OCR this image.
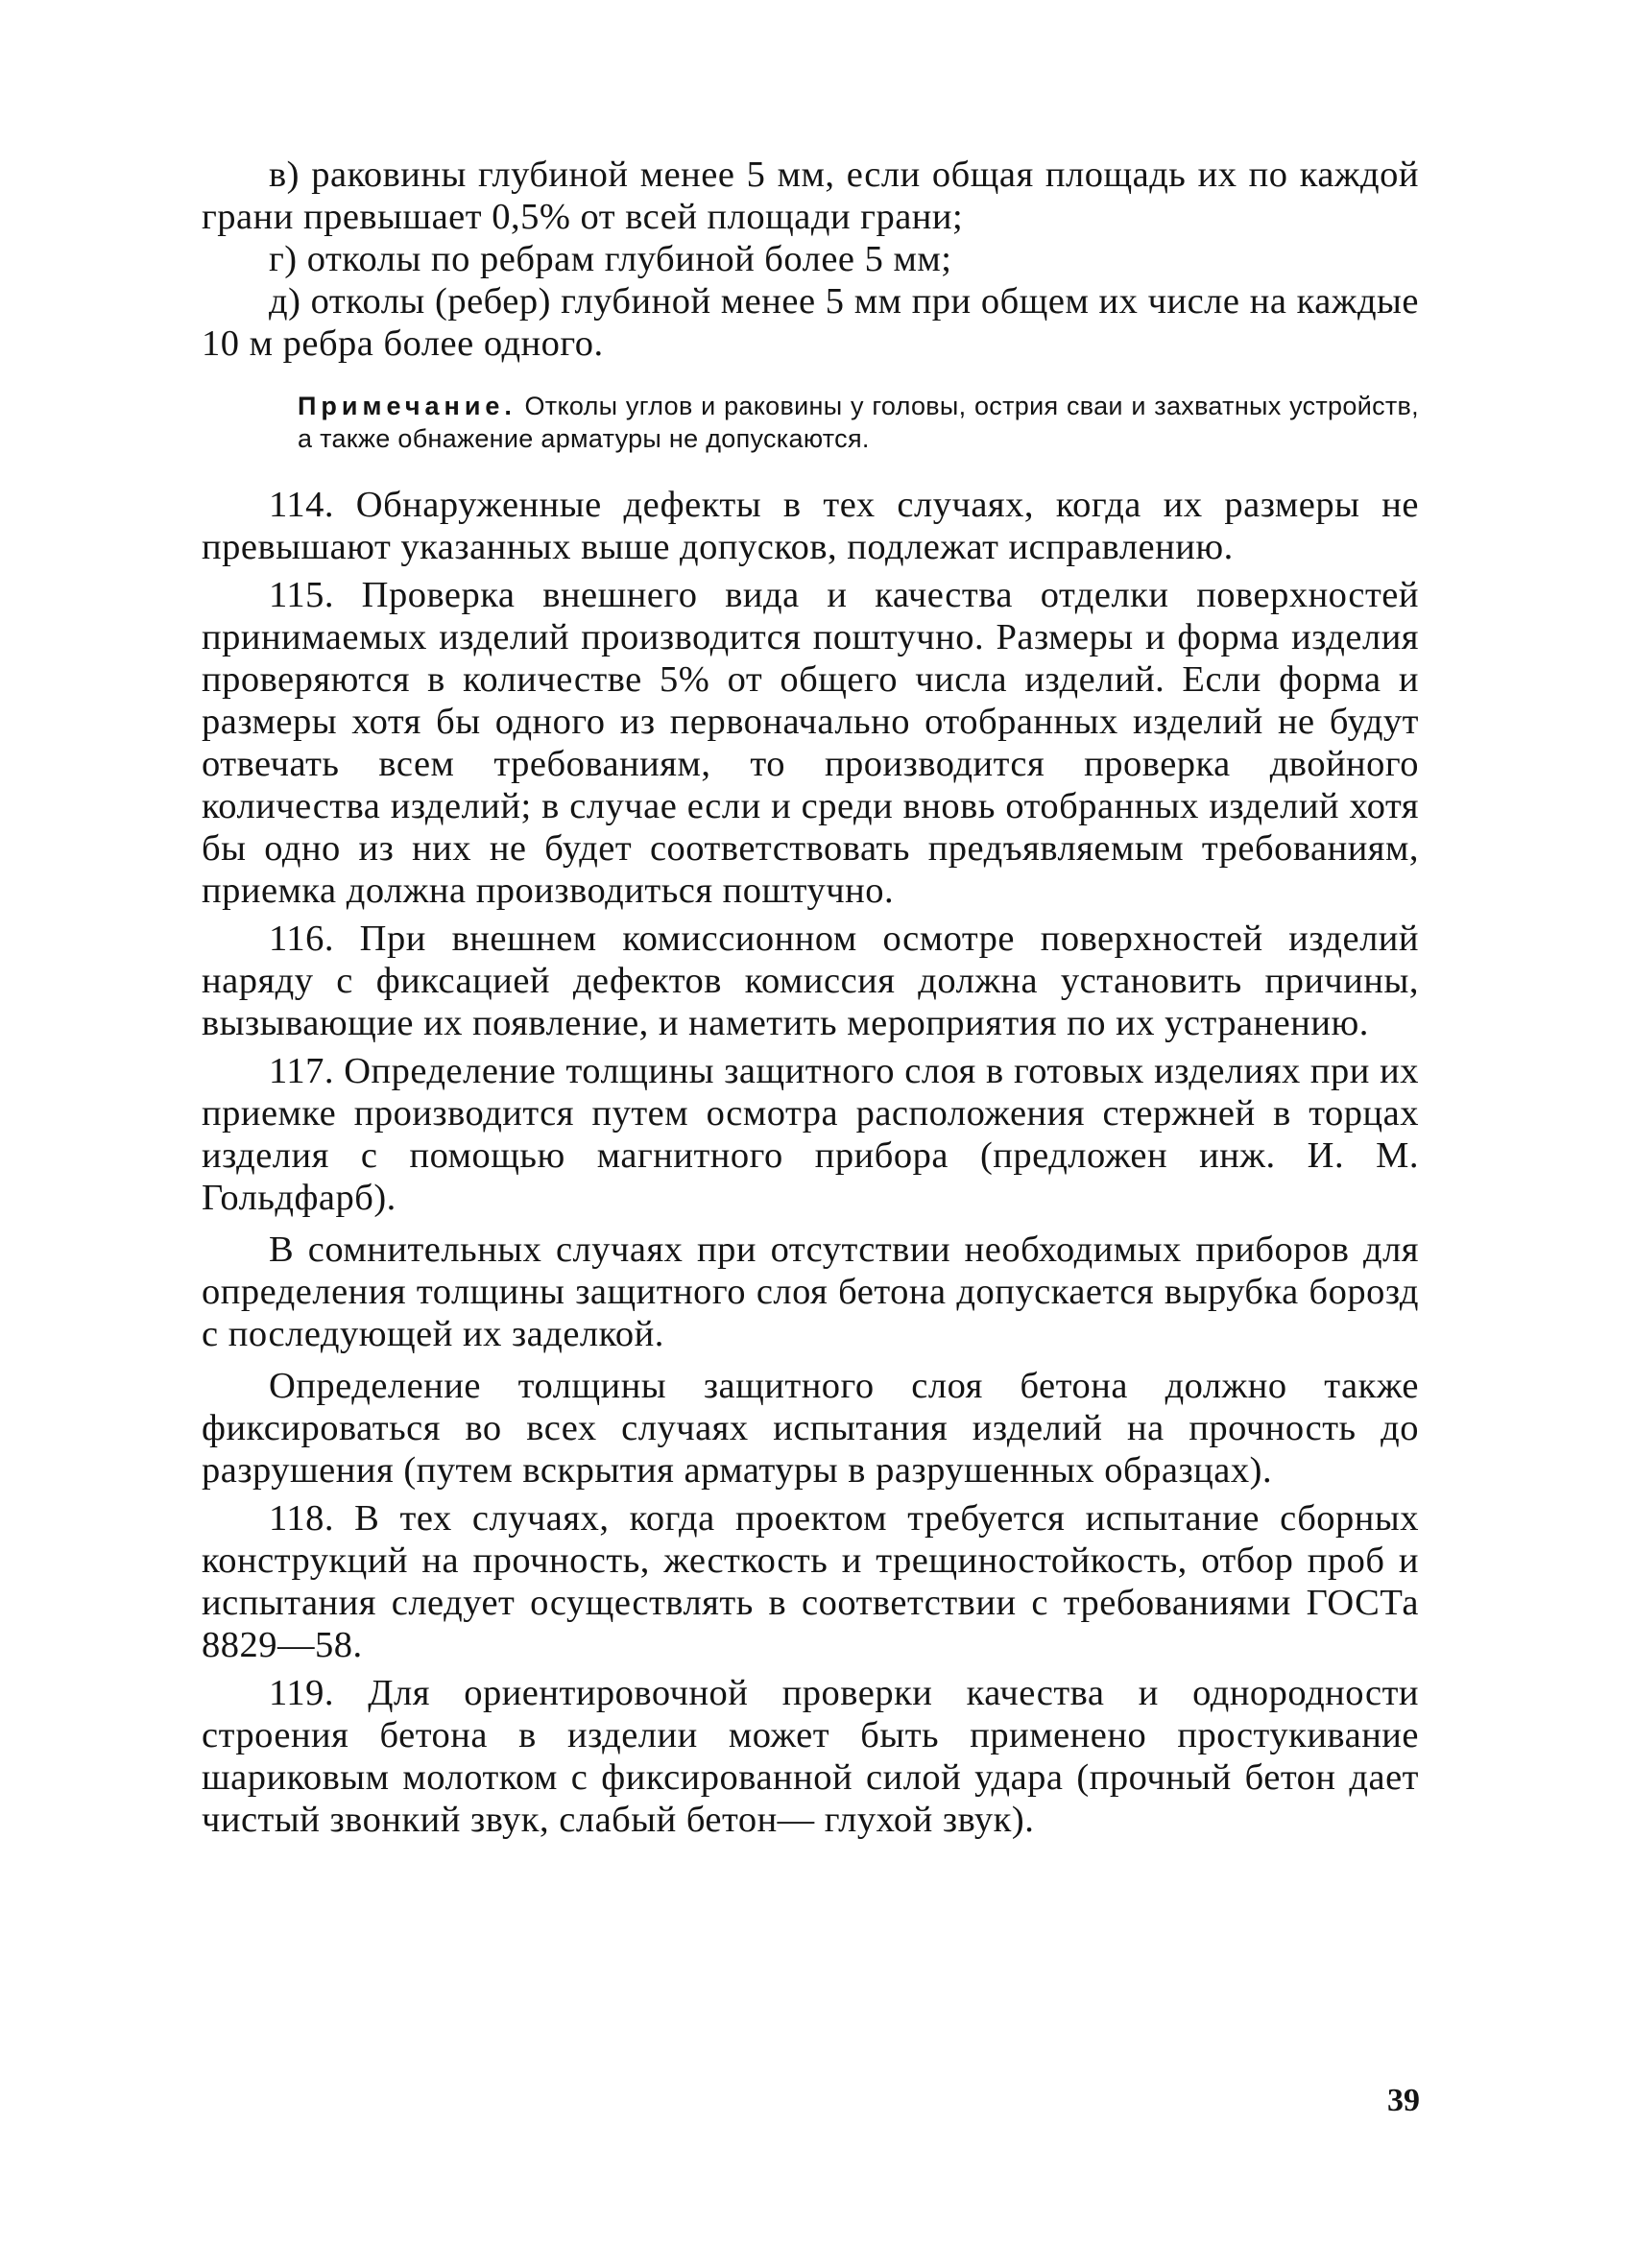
в) раковины глубиной менее 5 мм, если общая площадь их по каждой грани превышает 0,5% от всей площади грани;

г) отколы по ребрам глубиной более 5 мм;

д) отколы (ребер) глубиной менее 5 мм при общем их числе на каждые 10 м ребра более одного.

Примечание. Отколы углов и раковины у головы, острия сваи и захватных устройств, а также обнажение арматуры не допускаются.

114. Обнаруженные дефекты в тех случаях, когда их размеры не превышают указанных выше допусков, подлежат исправлению.

115. Проверка внешнего вида и качества отделки поверхностей принимаемых изделий производится поштучно. Размеры и форма изделия проверяются в количестве 5% от общего числа изделий. Если форма и размеры хотя бы одного из первоначально отобранных изделий не будут отвечать всем требованиям, то производится проверка двойного количества изделий; в случае если и среди вновь отобранных изделий хотя бы одно из них не будет соответствовать предъявляемым требованиям, приемка должна производиться поштучно.

116. При внешнем комиссионном осмотре поверхностей изделий наряду с фиксацией дефектов комиссия должна установить причины, вызывающие их появление, и наметить мероприятия по их устранению.

117. Определение толщины защитного слоя в готовых изделиях при их приемке производится путем осмотра расположения стержней в торцах изделия с помощью магнитного прибора (предложен инж. И. М. Гольдфарб).

В сомнительных случаях при отсутствии необходимых приборов для определения толщины защитного слоя бетона допускается вырубка борозд с последующей их заделкой.

Определение толщины защитного слоя бетона должно также фиксироваться во всех случаях испытания изделий на прочность до разрушения (путем вскрытия арматуры в разрушенных образцах).

118. В тех случаях, когда проектом требуется испытание сборных конструкций на прочность, жесткость и трещиностойкость, отбор проб и испытания следует осуществлять в соответствии с требованиями ГОСТа 8829—58.

119. Для ориентировочной проверки качества и однородности строения бетона в изделии может быть применено простукивание шариковым молотком с фиксированной силой удара (прочный бетон дает чистый звонкий звук, слабый бетон— глухой звук).

39
